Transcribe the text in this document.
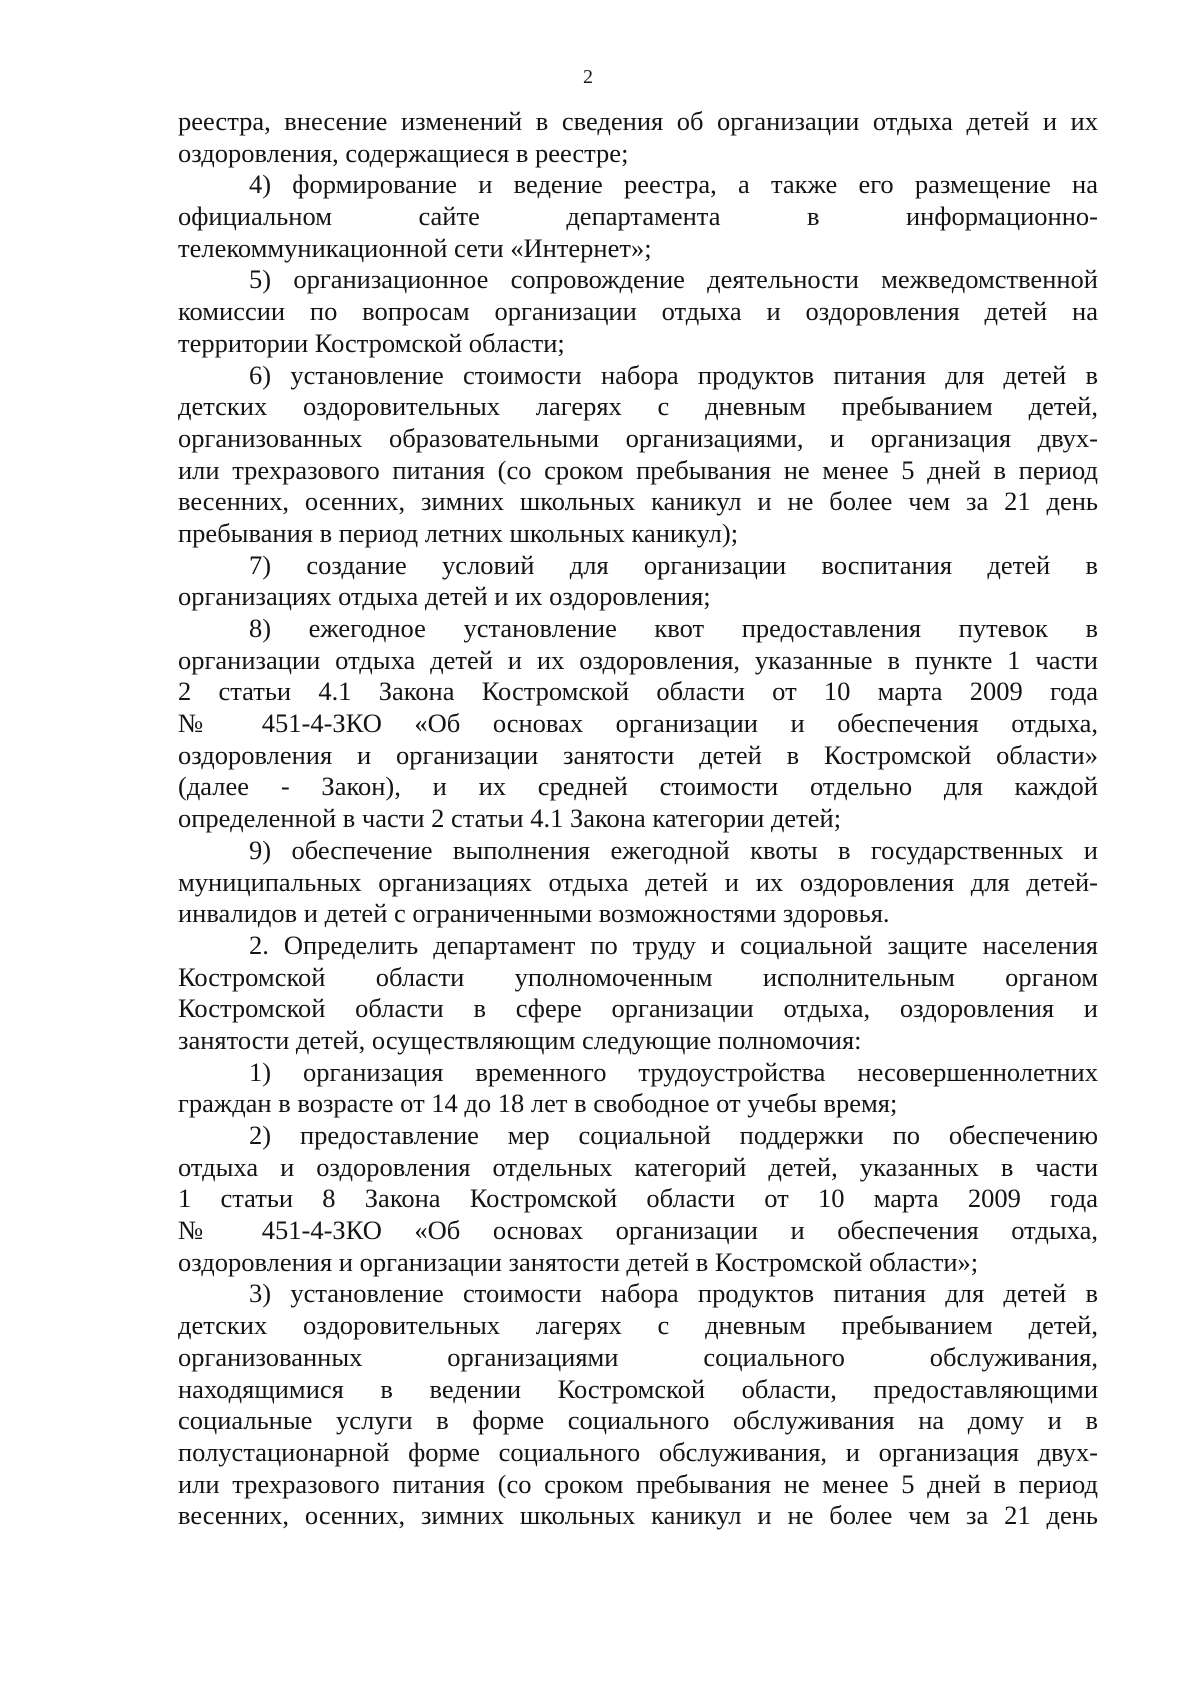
2
реестра, внесение изменений в сведения об организации отдыха детей и их
оздоровления, содержащиеся в реестре;
4) формирование и ведение реестра, а также его размещение на
официальном сайте департамента в информационно-
телекоммуникационной сети «Интернет»;
5) организационное сопровождение деятельности межведомственной
комиссии по вопросам организации отдыха и оздоровления детей на
территории Костромской области;
6) установление стоимости набора продуктов питания для детей в
детских оздоровительных лагерях с дневным пребыванием детей,
организованных образовательными организациями, и организация двух-
или трехразового питания (со сроком пребывания не менее 5 дней в период
весенних, осенних, зимних школьных каникул и не более чем за 21 день
пребывания в период летних школьных каникул);
7) создание условий для организации воспитания детей в
организациях отдыха детей и их оздоровления;
8) ежегодное установление квот предоставления путевок в
организации отдыха детей и их оздоровления, указанные в пункте 1 части
2 статьи 4.1 Закона Костромской области от 10 марта 2009 года
№ 451-4-ЗКО «Об основах организации и обеспечения отдыха,
оздоровления и организации занятости детей в Костромской области»
(далее - Закон), и их средней стоимости отдельно для каждой
определенной в части 2 статьи 4.1 Закона категории детей;
9) обеспечение выполнения ежегодной квоты в государственных и
муниципальных организациях отдыха детей и их оздоровления для детей-
инвалидов и детей с ограниченными возможностями здоровья.
2. Определить департамент по труду и социальной защите населения
Костромской области уполномоченным исполнительным органом
Костромской области в сфере организации отдыха, оздоровления и
занятости детей, осуществляющим следующие полномочия:
1) организация временного трудоустройства несовершеннолетних
граждан в возрасте от 14 до 18 лет в свободное от учебы время;
2) предоставление мер социальной поддержки по обеспечению
отдыха и оздоровления отдельных категорий детей, указанных в части
1 статьи 8 Закона Костромской области от 10 марта 2009 года
№ 451-4-ЗКО «Об основах организации и обеспечения отдыха,
оздоровления и организации занятости детей в Костромской области»;
3) установление стоимости набора продуктов питания для детей в
детских оздоровительных лагерях с дневным пребыванием детей,
организованных организациями социального обслуживания,
находящимися в ведении Костромской области, предоставляющими
социальные услуги в форме социального обслуживания на дому и в
полустационарной форме социального обслуживания, и организация двух-
или трехразового питания (со сроком пребывания не менее 5 дней в период
весенних, осенних, зимних школьных каникул и не более чем за 21 день
